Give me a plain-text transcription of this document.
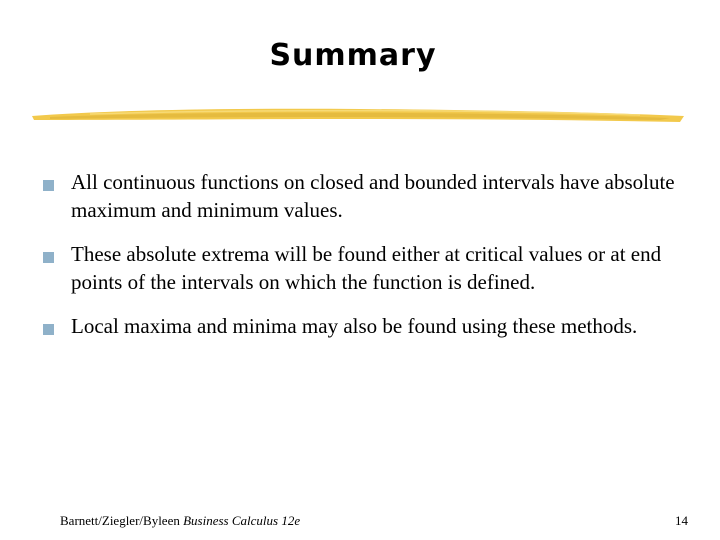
Summary
All continuous functions on closed and bounded intervals have absolute maximum and minimum values.
These absolute extrema will be found either at critical values or at end points of the intervals on which the function is defined.
Local maxima and minima may also be found using these methods.
Barnett/Ziegler/Byleen Business Calculus 12e	14
